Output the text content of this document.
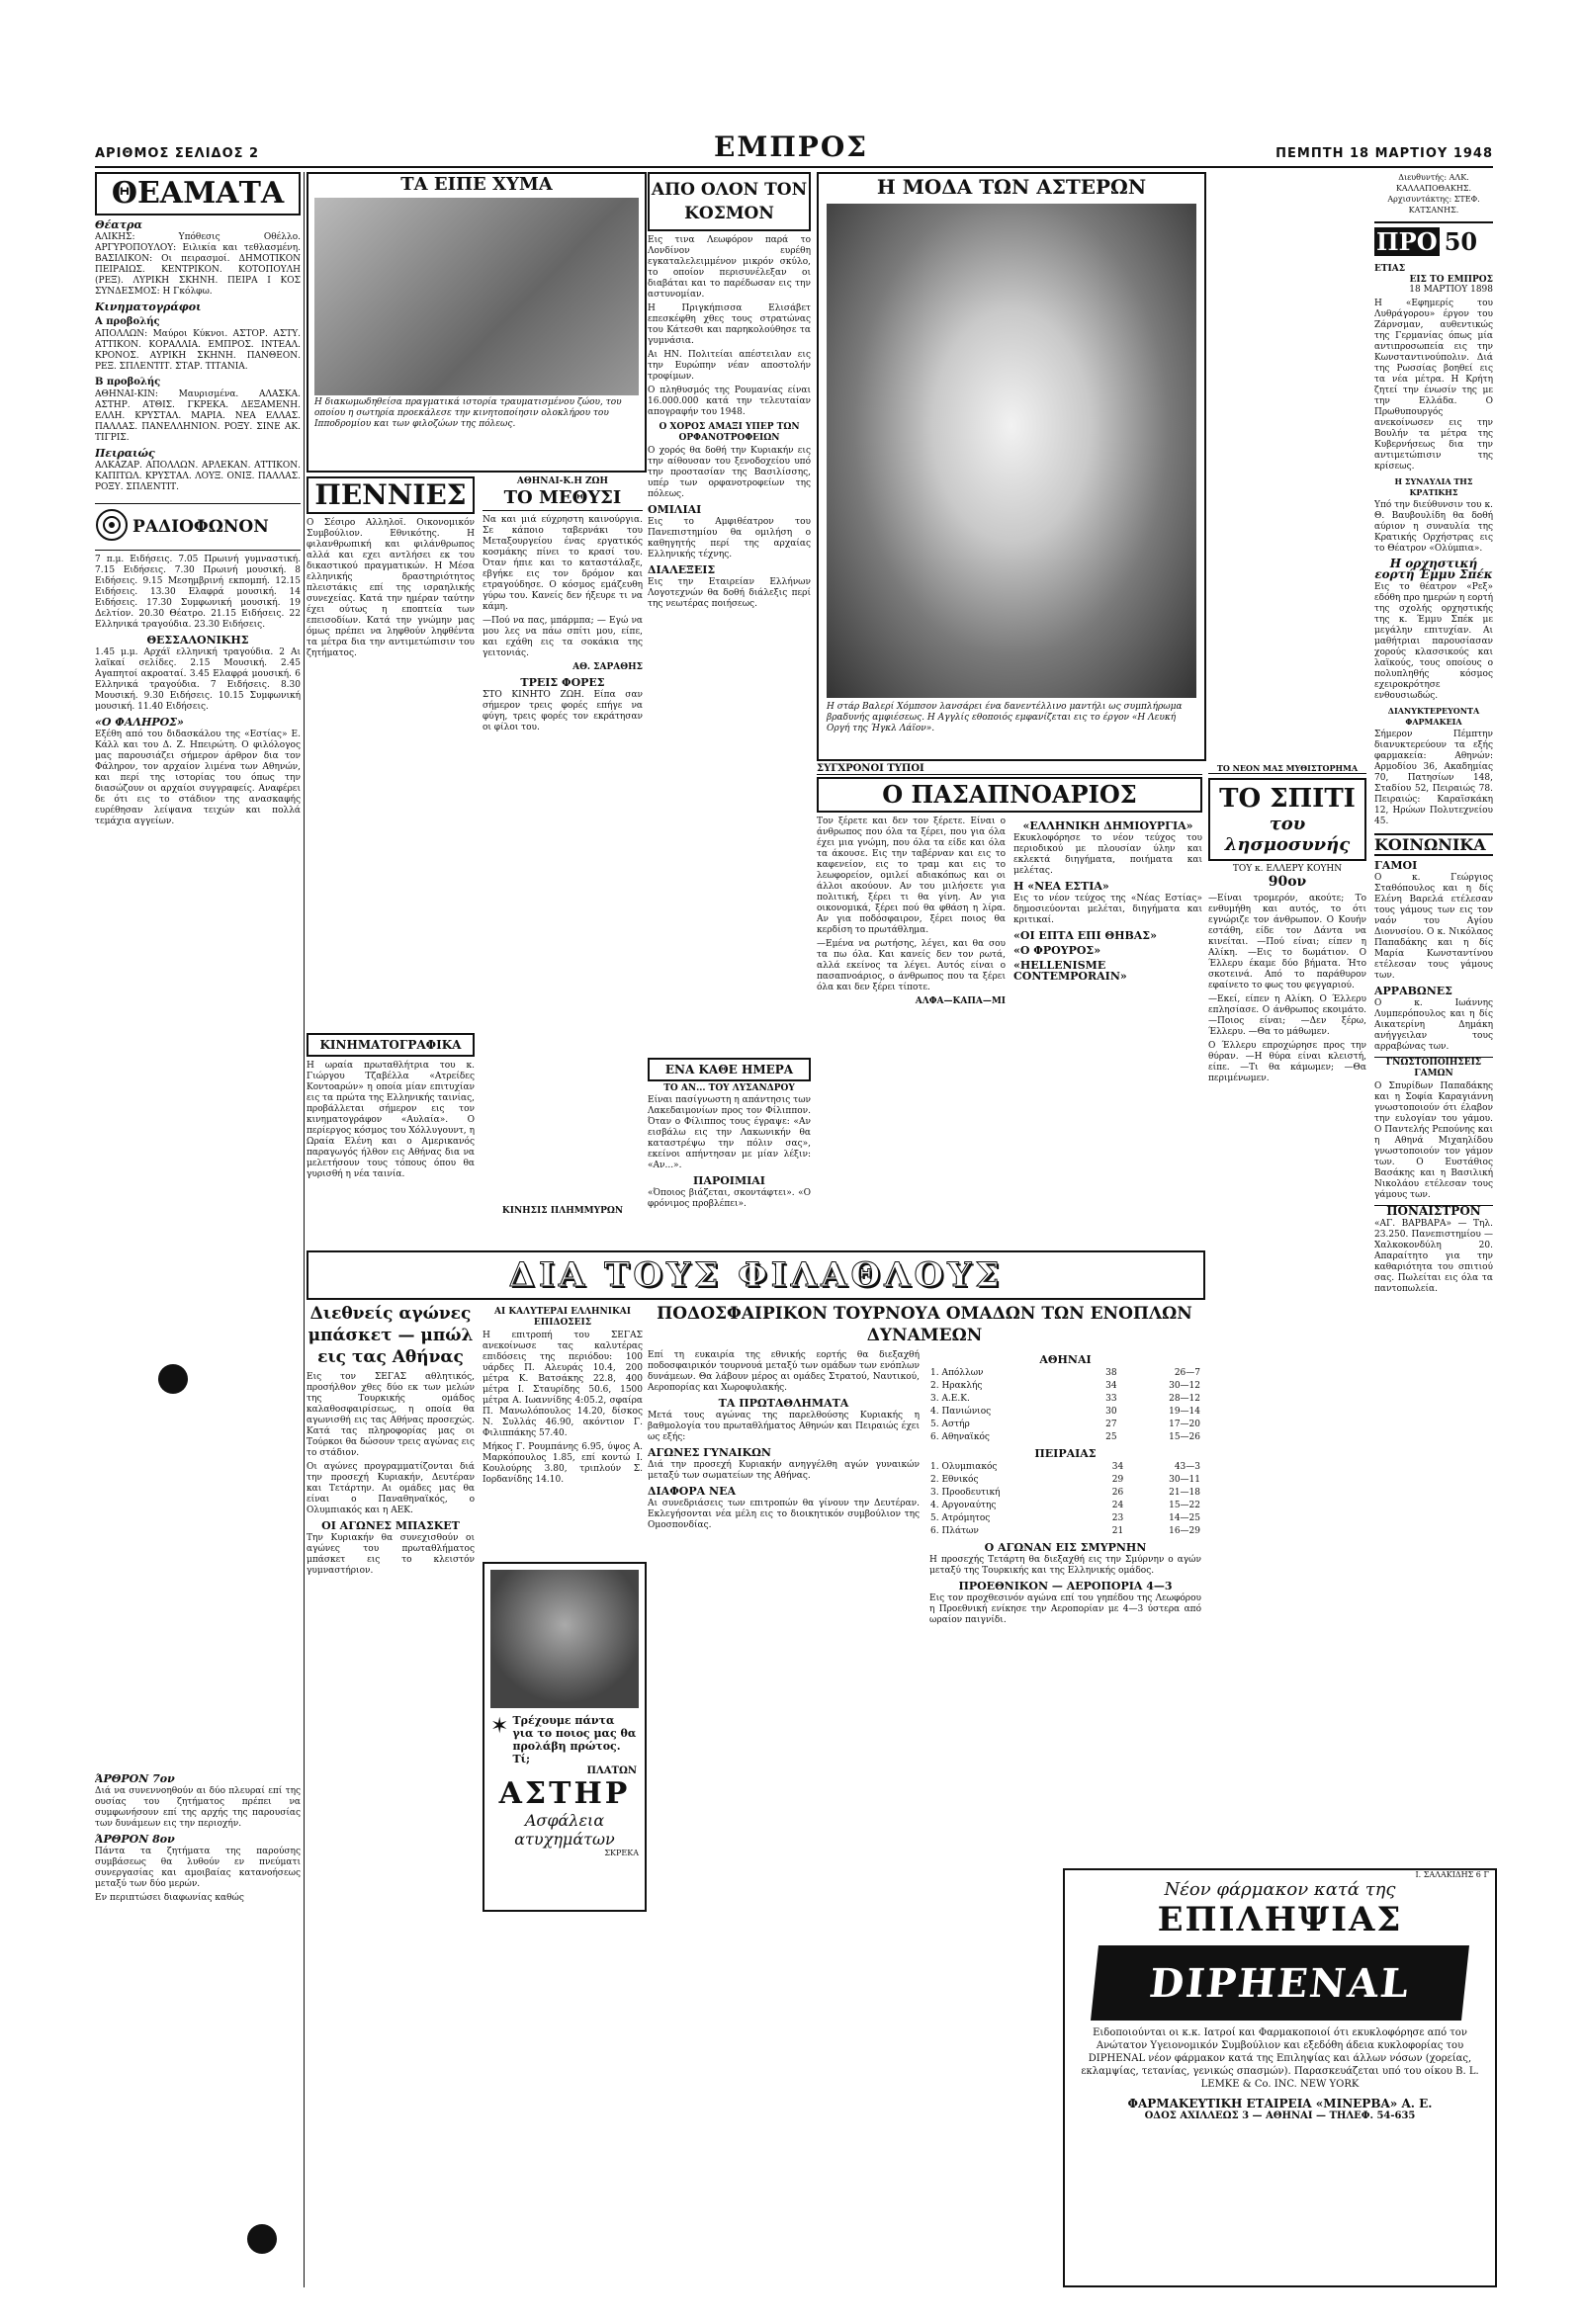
ΑΡΙΘΜΟΣ ΣΕΛΙΔΟΣ 2	ΕΜΠΡΟΣ	ΠΕΜΠΤΗ 18 ΜΑΡΤΙΟΥ 1948
ΘΕΑΜΑΤΑ
Θέατρα

ΑΛΙΚΗΣ: Υπόθεσις Οθέλλο. ΑΡΓΥΡΟΠΟΥΛΟΥ: Ειλικία και τεθλασμένη. ΒΑΣΙΛΙΚΟΝ: Οι πειρασμοί. ΔΗΜΟΤΙΚΟΝ ΠΕΙΡΑΙΩΣ. ΚΕΝΤΡΙΚΟΝ. ΚΟΤΟΠΟΥΛΗ (ΡΕΞ). ΛΥΡΙΚΗ ΣΚΗΝΗ. ΠΕΙΡΑ Ι ΚΟΣ ΣΥΝΔΕΣΜΟΣ: Η Γκόλφω.

Κινηματογράφοι
Α προβολής

ΑΠΟΛΛΩΝ: Μαύροι Κύκνοι. ΑΣΤΟΡ. ΑΣΤΥ. ΑΤΤΙΚΟΝ. ΚΟΡΑΛΛΙΑ. ΕΜΠΡΟΣ. ΙΝΤΕΑΛ. ΚΡΟΝΟΣ. ΑΥΡΙΚΗ ΣΚΗΝΗ. ΠΑΝΘΕΟΝ. ΡΕΞ. ΣΠΛΕΝΤΙΤ. ΣΤΑΡ. ΤΙΤΑΝΙΑ.

Β προβολής

ΑΘΗΝΑΙ-ΚΙΝ: Μαυρισμένα. ΑΛΑΣΚΑ. ΑΣΤΗΡ. ΑΤΘΙΣ. ΓΚΡΕΚΑ. ΔΕΞΑΜΕΝΗ. ΕΛΛΗ. ΚΡΥΣΤΑΛ. ΜΑΡΙΑ. ΝΕΑ ΕΛΛΑΣ. ΠΑΛΛΑΣ. ΠΑΝΕΛΛΗΝΙΟΝ. ΡΟΞΥ. ΣΙΝΕ ΑΚ. ΤΙΓΡΙΣ.

Πειραιώς

ΑΛΚΑΖΑΡ. ΑΠΟΛΛΩΝ. ΑΡΛΕΚΑΝ. ΑΤΤΙΚΟΝ. ΚΑΠΙΤΩΛ. ΚΡΥΣΤΑΛ. ΛΟΥΞ. ΟΝΙΞ. ΠΑΛΛΑΣ. ΡΟΞΥ. ΣΠΛΕΝΤΙΤ.

ΡΑΔΙΟΦΩΝΟΝ

7 π.μ. Ειδήσεις. 7.05 Πρωινή γυμναστική. 7.15 Ειδήσεις. 7.30 Πρωινή μουσική. 8 Ειδήσεις. 9.15 Μεσημβρινή εκπομπή. 12.15 Ειδήσεις. 13.30 Ελαφρά μουσική. 14 Ειδήσεις. 17.30 Συμφωνική μουσική. 19 Δελτίον. 20.30 Θέατρο. 21.15 Ειδήσεις. 22 Ελληνικά τραγούδια. 23.30 Ειδήσεις.

ΘΕΣΣΑΛΟΝΙΚΗΣ

1.45 μ.μ. Αρχάϊ ελληνική τραγούδια. 2 Αι λαϊκαί σελίδες. 2.15 Μουσική. 2.45 Αγαπητοί ακροαταί. 3.45 Ελαφρά μουσική. 6 Ελληνικά τραγούδια. 7 Ειδήσεις. 8.30 Μουσική. 9.30 Ειδήσεις. 10.15 Συμφωνική μουσική. 11.40 Ειδήσεις.

«Ο ΦΑΛΗΡΟΣ»

Εξέθη από του διδασκάλου της «Εστίας» Ε. Κάλλ και του Δ. Ζ. Ηπειρώτη. Ο φιλόλογος μας παρουσιάζει σήμερον άρθρον δια τον Φάληρον, τον αρχαίον λιμένα των Αθηνών, και περί της ιστορίας του όπως την διασώζουν οι αρχαίοι συγγραφείς. Αναφέρει δε ότι εις το στάδιον της ανασκαφής ευρέθησαν λείψανα τειχών και πολλά τεμάχια αγγείων.

ΆΡΘΡΟΝ 7ον

Διά να συνεννοηθούν αι δύο πλευραί επί της ουσίας του ζητήματος πρέπει να συμφωνήσουν επί της αρχής της παρουσίας των δυνάμεων εις την περιοχήν.

ΆΡΘΡΟΝ 8ον

Πάντα τα ζητήματα της παρούσης συμβάσεως θα λυθούν εν πνεύματι συνεργασίας και αμοιβαίας κατανοήσεως μεταξύ των δύο μερών.

Εν περιπτώσει διαφωνίας καθώς

ΤΑ ΕΙΠΕ ΧΥΜΑ
Η διακωμωδηθείσα πραγματικά ιστορία τραυματισμένου ζώου, του οποίου η σωτηρία προεκάλεσε την κινητοποίησιν ολοκλήρου του Ιπποδρομίου και των φιλοζώων της πόλεως.
ΑΠΟ ΟΛΟΝ ΤΟΝ ΚΟΣΜΟΝ

Εις τινα Λεωφόρον παρά το Λονδίνον ευρέθη εγκαταλελειμμένον μικρόν σκύλο, το οποίον περισυνέλεξαν οι διαβάται και το παρέδωσαν εις την αστυνομίαν.

Η Πριγκήπισσα Ελισάβετ επεσκέφθη χθες τους στρατώνας του Κάτεσθι και παρηκολούθησε τα γυμνάσια.

Αι ΗΝ. Πολιτείαι απέστειλαν εις την Ευρώπην νέαν αποστολήν τροφίμων.

Ο πληθυσμός της Ρουμανίας είναι 16.000.000 κατά την τελευταίαν απογραφήν του 1948.

Ο ΧΟΡΟΣ ΑΜΑΞΙ ΥΠΕΡ ΤΩΝ ΟΡΦΑΝΟΤΡΟΦΕΙΩΝ

Ο χορός θα δοθή την Κυριακήν εις την αίθουσαν του ξενοδοχείου υπό την προστασίαν της Βασιλίσσης, υπέρ των ορφανοτροφείων της πόλεως.

ΟΜΙΛΙΑΙ

Εις το Αμφιθέατρον του Πανεπιστημίου θα ομιλήση ο καθηγητής περί της αρχαίας Ελληνικής τέχνης.

ΔΙΑΛΕΞΕΙΣ

Εις την Εταιρείαν Ελλήνων Λογοτεχνών θα δοθή διάλεξις περί της νεωτέρας ποιήσεως.

ΠΕΝΝΙΕΣ

Ο Σέσιρο Αλληλοϊ. Οικονομικόν Συμβούλιον. Εθνικότης. Η φιλανθρωπική και φιλάνθρωπος αλλά και εχει αντλήσει εκ του δικαστικού πραγματικών. Η Μέσα ελληνικής δραστηριότητος πλειστάκις επί της ισραηλικής συνεχείας. Κατά την ημέραν ταύτην έχει ούτως η εποπτεία των επεισοδίων. Κατά την γνώμην μας όμως πρέπει να ληφθούν ληφθέντα τα μέτρα δια την αντιμετώπισιν του ζητήματος.

ΑΘΗΝΑΙ-Κ.Η ΖΩΗ
ΤΟ ΜΕΘΥΣΙ

Να και μιά εύχρηστη καινούργια. Σε κάποιο ταβερνάκι του Μεταξουργείου ένας εργατικός κοσμάκης πίνει το κρασί του. Όταν ήπιε και το καταστάλαξε, εβγήκε εις τον δρόμον και ετραγούδησε. Ο κόσμος εμάζευθη γύρω του. Κανείς δεν ήξευρε τι να κάμη.

—Πού να πας, μπάρμπα; — Εγώ να μου λες να πάω σπίτι μου, είπε, και εχάθη εις τα σοκάκια της γειτονιάς.

ΑΘ. ΣΑΡΑΘΗΣ

ΤΡΕΙΣ ΦΟΡΕΣ

ΣΤΟ ΚΙΝΗΤΟ ΖΩΗ. Είπα σαν σήμερον τρεις φορές επήγε να φύγη, τρεις φορές τον εκράτησαν οι φίλοι του.

ΚΙΝΗΜΑΤΟΓΡΑΦΙΚΑ

Η ωραία πρωταθλήτρια του κ. Γιώργου Τζαβέλλα «Ατρείδες Κοντοαρών» η οποία μίαν επιτυχίαν εις τα πρώτα της Ελληνικής ταινίας, προβάλλεται σήμερον εις τον κινηματογράφον «Αυλαία». Ο περίεργος κόσμος του Χόλλυγουντ, η Ωραία Ελένη και ο Αμερικανός παραγωγός ήλθον εις Αθήνας δια να μελετήσουν τους τόπους όπου θα γυρισθή η νέα ταινία.

ΕΝΑ ΚΑΘΕ ΗΜΕΡΑ
ΤΟ ΑΝ... ΤΟΥ ΛΥΣΑΝΔΡΟΥ

Είναι πασίγνωστη η απάντησις των Λακεδαιμονίων προς τον Φίλιππον. Όταν ο Φίλιππος τους έγραψε: «Αν εισβάλω εις την Λακωνικήν θα καταστρέψω την πόλιν σας», εκείνοι απήντησαν με μίαν λέξιν: «Αν...».

ΠΑΡΟΙΜΙΑΙ

«Όποιος βιάζεται, σκοντάφτει». «Ο φρόνιμος προβλέπει».

ΚΙΝΗΣΙΣ ΠΛΗΜΜΥΡΩΝ
Η ΜΟΔΑ ΤΩΝ ΑΣΤΕΡΩΝ
Η στάρ Βαλερί Χόμπσον λανσάρει ένα δανεντέλλινο μαντήλι ως συμπλήρωμα βραδυνής αμφιέσεως. Η Αγγλίς εθοποιός εμφανίζεται εις το έργον «Η Λευκή Οργή της Ήγκλ Λάϊον».
ΣΥΓΧΡΟΝΟΙ ΤΥΠΟΙ
Ο ΠΑΣΑΠΝΟΑΡΙΟΣ

Τον ξέρετε και δεν τον ξέρετε. Είναι ο άνθρωπος που όλα τα ξέρει, που για όλα έχει μια γνώμη, που όλα τα είδε και όλα τα άκουσε. Εις την ταβέρναν και εις το καφενείον, εις το τραμ και εις το λεωφορείον, ομιλεί αδιακόπως και οι άλλοι ακούουν. Αν του μιλήσετε για πολιτική, ξέρει τι θα γίνη. Αν για οικονομικά, ξέρει πού θα φθάση η λίρα. Αν για ποδόσφαιρον, ξέρει ποιος θα κερδίση το πρωτάθλημα.

—Εμένα να ρωτήσης, λέγει, και θα σου τα πω όλα. Και κανείς δεν τον ρωτά, αλλά εκείνος τα λέγει. Αυτός είναι ο πασαπνοάριος, ο άνθρωπος που τα ξέρει όλα και δεν ξέρει τίποτε.

ΑΛΦΑ—ΚΑΠΑ—ΜΙ

«ΕΛΛΗΝΙΚΗ ΔΗΜΙΟΥΡΓΙΑ»

Εκυκλοφόρησε το νέον τεύχος του περιοδικού με πλουσίαν ύλην και εκλεκτά διηγήματα, ποιήματα και μελέτας.

Η «ΝΕΑ ΕΣΤΙΑ»

Εις το νέον τεύχος της «Νέας Εστίας» δημοσιεύονται μελέται, διηγήματα και κριτικαί.

«ΟΙ ΕΠΤΑ ΕΠΙ ΘΗΒΑΣ»
«Ο ΦΡΟΥΡΟΣ»
«HELLENISME CONTEMPORAIN»
ΤΟ ΝΕΟΝ ΜΑΣ ΜΥΘΙΣΤΟΡΗΜΑ
ΤΟ ΣΠΙΤΙ
του λησμοσυνής
ΤΟΥ κ. ΕΛΛΕΡΥ ΚΟΥΗΝ
90ον

—Είναι τρομερόν, ακούτε; Το ενθυμήθη και αυτός, το ότι εγνώριζε τον άνθρωπον. Ο Κουήν εστάθη, είδε τον Δάντα να κινείται. —Πού είναι; είπεν η Αλίκη. —Εις το δωμάτιον. Ο Έλλερυ έκαμε δύο βήματα. Ήτο σκοτεινά. Από το παράθυρον εφαίνετο το φως του φεγγαριού.

—Εκεί, είπεν η Αλίκη. Ο Έλλερυ επλησίασε. Ο άνθρωπος εκοιμάτο. —Ποιος είναι; —Δεν ξέρω, Έλλερυ. —Θα το μάθωμεν.

Ο Έλλερυ επροχώρησε προς την θύραν. —Η θύρα είναι κλειστή, είπε. —Τι θα κάμωμεν; —Θα περιμένωμεν.

Διευθυντής: ΑΛΚ. ΚΑΛΛΑΠΟΘΑΚΗΣ. Αρχισυντάκτης: ΣΤΕΦ. ΚΑΤΣΑΝΗΣ.
ΠΡΟ 50 ΕΤΙΑΣ
ΕΙΣ ΤΟ ΕΜΠΡΟΣ
18 ΜΑΡΤΙΟΥ 1898

Η «Εφημερίς του Λυθράγορου» έργον του Ζάρνσμαν, αυθεντικώς της Γερμανίας όπως μία αντιπροσωπεία εις την Κωνσταντινούπολιν. Διά της Ρωσσίας βοηθεί εις τα νέα μέτρα. Η Κρήτη ζητεί την ένωσίν της με την Ελλάδα. Ο Πρωθυπουργός ανεκοίνωσεν εις την Βουλήν τα μέτρα της Κυβερνήσεως δια την αντιμετώπισιν της κρίσεως.

Η ΣΥΝΑΥΛΙΑ ΤΗΣ ΚΡΑΤΙΚΗΣ

Υπό την διεύθυνσιν του κ. Θ. Βαυβουλίδη θα δοθή αύριον η συναυλία της Κρατικής Ορχήστρας εις το Θέατρον «Ολύμπια».

Η ορχηστική εορτή Έμμυ Σπέκ

Εις το θέατρον «Ρεξ» εδόθη προ ημερών η εορτή της σχολής ορχηστικής της κ. Έμμυ Σπέκ με μεγάλην επιτυχίαν. Αι μαθήτριαι παρουσίασαν χορούς κλασσικούς και λαϊκούς, τους οποίους ο πολυπληθής κόσμος εχειροκρότησε ενθουσιωδώς.

ΔΙΑΝΥΚΤΕΡΕΥΟΝΤΑ ΦΑΡΜΑΚΕΙΑ

Σήμερον Πέμπτην διανυκτερεύουν τα εξής φαρμακεία: Αθηνών: Αρμοδίου 36, Ακαδημίας 70, Πατησίων 148, Σταδίου 52, Πειραιώς 78. Πειραιώς: Καραϊσκάκη 12, Ηρώων Πολυτεχνείου 45.

ΚΟΙΝΩΝΙΚΑ
ΓΑΜΟΙ

Ο κ. Γεώργιος Σταθόπουλος και η δίς Ελένη Βαρελά ετέλεσαν τους γάμους των εις τον ναόν του Αγίου Διονυσίου. Ο κ. Νικόλαος Παπαδάκης και η δίς Μαρία Κωνσταντίνου ετέλεσαν τους γάμους των.

ΑΡΡΑΒΩΝΕΣ

Ο κ. Ιωάννης Λυμπερόπουλος και η δίς Αικατερίνη Δημάκη ανήγγειλαν τους αρραβώνας των.

ΓΝΩΣΤΟΠΟΙΗΣΕΙΣ ΓΑΜΩΝ

Ο Σπυρίδων Παπαδάκης και η Σοφία Καραγιάννη γνωστοποιούν ότι έλαβον την ευλογίαν του γάμου. Ο Παντελής Ρεπούνης και η Αθηνά Μιχαηλίδου γνωστοποιούν τον γάμον των. Ο Ευστάθιος Βασάκης και η Βασιλική Νικολάου ετέλεσαν τους γάμους των.

ΠΟΝΑΙΣΤΡΟΝ

«ΑΓ. ΒΑΡΒΑΡΑ» — Τηλ. 23.250. Πανεπιστημίου — Χαλκοκονδύλη 20. Απαραίτητο για την καθαριότητα του σπιτιού σας. Πωλείται εις όλα τα παντοπωλεία.

ΔΙΑ ΤΟΥΣ ΦΙΛΑΘΛΟΥΣ
Διεθνείς αγώνες μπάσκετ — μπώλ εις τας Αθήνας

Εις τον ΣΕΓΑΣ αθλητικός, προσήλθον χθες δύο εκ των μελών της Τουρκικής ομάδος καλαθοσφαιρίσεως, η οποία θα αγωνισθή εις τας Αθήνας προσεχώς. Κατά τας πληροφορίας μας οι Τούρκοι θα δώσουν τρεις αγώνας εις το στάδιον.

Οι αγώνες προγραμματίζονται διά την προσεχή Κυριακήν, Δευτέραν και Τετάρτην. Αι ομάδες μας θα είναι ο Παναθηναϊκός, ο Ολυμπιακός και η ΑΕΚ.

ΟΙ ΑΓΩΝΕΣ ΜΠΑΣΚΕΤ

Την Κυριακήν θα συνεχισθούν οι αγώνες του πρωταθλήματος μπάσκετ εις το κλειστόν γυμναστήριον.

ΑΙ ΚΑΛΥΤΕΡΑΙ ΕΛΛΗΝΙΚΑΙ ΕΠΙΔΟΣΕΙΣ

Η επιτροπή του ΣΕΓΑΣ ανεκοίνωσε τας καλυτέρας επιδόσεις της περιόδου: 100 υάρδες Π. Αλευράς 10.4, 200 μέτρα Κ. Βατσάκης 22.8, 400 μέτρα Ι. Σταυρίδης 50.6, 1500 μέτρα Α. Ιωαννίδης 4:05.2, σφαίρα Π. Μανωλόπουλος 14.20, δίσκος Ν. Συλλάς 46.90, ακόντιον Γ. Φιλιππάκης 57.40.

Μήκος Γ. Ρουμπάνης 6.95, ύψος Α. Μαρκόπουλος 1.85, επί κοντώ Ι. Κουλούρης 3.80, τριπλούν Σ. Ιορδανίδης 14.10.

ΠΟΔΟΣΦΑΙΡΙΚΟΝ ΤΟΥΡΝΟΥΑ ΟΜΑΔΩΝ ΤΩΝ ΕΝΟΠΛΩΝ ΔΥΝΑΜΕΩΝ

Επί τη ευκαιρία της εθνικής εορτής θα διεξαχθή ποδοσφαιρικόν τουρνουά μεταξύ των ομάδων των ενόπλων δυνάμεων. Θα λάβουν μέρος αι ομάδες Στρατού, Ναυτικού, Αεροπορίας και Χωροφυλακής.

ΤΑ ΠΡΩΤΑΘΛΗΜΑΤΑ

Μετά τους αγώνας της παρελθούσης Κυριακής η βαθμολογία του πρωταθλήματος Αθηνών και Πειραιώς έχει ως εξής:

ΑΓΩΝΕΣ ΓΥΝΑΙΚΩΝ

Διά την προσεχή Κυριακήν ανηγγέλθη αγών γυναικών μεταξύ των σωματείων της Αθήνας.

ΔΙΑΦΟΡΑ ΝΕΑ

Αι συνεδριάσεις των επιτροπών θα γίνουν την Δευτέραν. Εκλεγήσονται νέα μέλη εις το διοικητικόν συμβούλιον της Ομοσπονδίας.

ΑΘΗΝΑΙ
1. Απόλλων	38	26—7
2. Ηρακλής	34	30—12
3. Α.Ε.Κ.	33	28—12
4. Πανιώνιος	30	19—14
5. Αστήρ	27	17—20
6. Αθηναϊκός	25	15—26
ΠΕΙΡΑΙΑΣ
1. Ολυμπιακός	34	43—3
2. Εθνικός	29	30—11
3. Προοδευτική	26	21—18
4. Αργοναύτης	24	15—22
5. Ατρόμητος	23	14—25
6. Πλάτων	21	16—29
Ο ΑΓΩΝΑΝ ΕΙΣ ΣΜΥΡΝΗΝ

Η προσεχής Τετάρτη θα διεξαχθή εις την Σμύρνην ο αγών μεταξύ της Τουρκικής και της Ελληνικής ομάδος.

ΠΡΟΕΘΝΙΚΟΝ — ΑΕΡΟΠΟΡΙΑ 4—3

Εις τον προχθεσινόν αγώνα επί του γηπέδου της Λεωφόρου η Προεθνική ενίκησε την Αεροπορίαν με 4—3 ύστερα από ωραίον παιγνίδι.

✶ Τρέχουμε πάντα για το ποιος μας θα προλάβη πρώτος. Τί;
ΠΛΑΤΩΝ
ΑΣΤΗΡ
Ασφάλεια ατυχημάτων
ΣΚΡΕΚΑ
I. ΣΑΛΑΚΙΔΗΣ 6 Γ
Νέον φάρμακον κατά της
ΕΠΙΛΗΨΙΑΣ
DIPHENAL
Ειδοποιούνται οι κ.κ. Ιατροί και Φαρμακοποιοί ότι εκυκλοφόρησε από τον Ανώτατον Υγειονομικόν Συμβούλιον και εξεδόθη άδεια κυκλοφορίας του DIPHENAL νέον φάρμακον κατά της Επιληψίας και άλλων νόσων (χορείας, εκλαμψίας, τετανίας, γενικώς σπασμών). Παρασκευάζεται υπό του οίκου B. L. LEMKE & Co. INC. NEW YORK
ΦΑΡΜΑΚΕΥΤΙΚΗ ΕΤΑΙΡΕΙΑ «ΜΙΝΕΡΒΑ» Α. Ε.
ΟΔΟΣ ΑΧΙΛΛΕΩΣ 3 — ΑΘΗΝΑΙ — ΤΗΛΕΦ. 54-635
